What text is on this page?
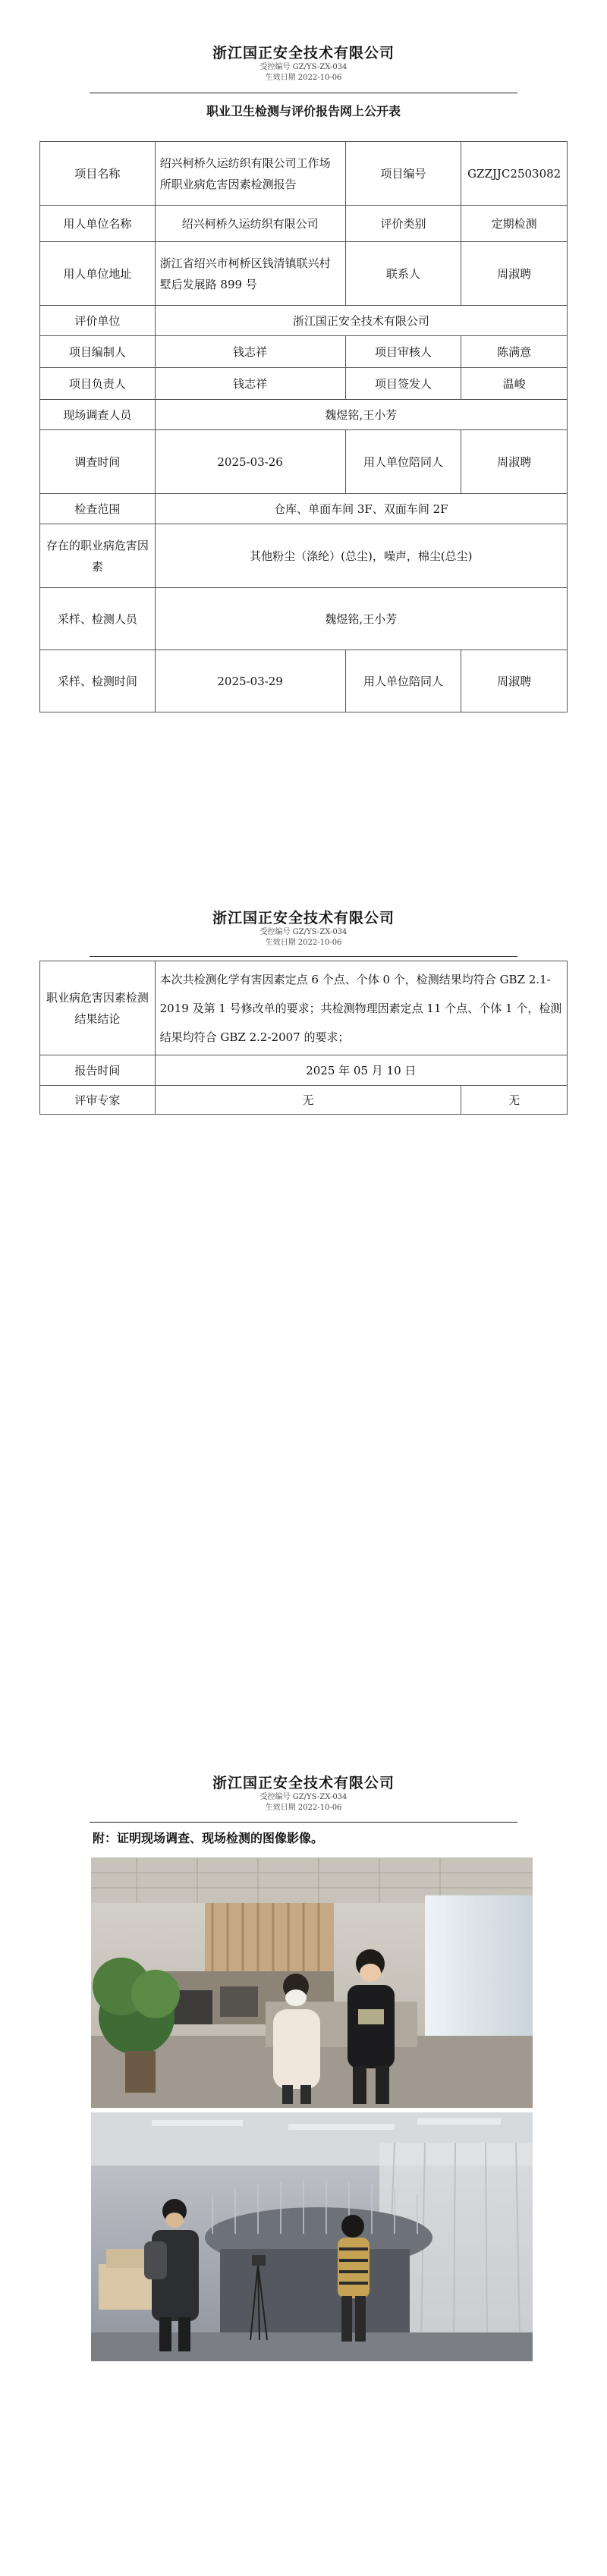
浙江国正安全技术有限公司
受控编号 GZ/YS-ZX-034
生效日期 2022-10-06
职业卫生检测与评价报告网上公开表
项目名称	绍兴柯桥久运纺织有限公司工作场所职业病危害因素检测报告	项目编号	GZZJJC2503082
用人单位名称	绍兴柯桥久运纺织有限公司	评价类别	定期检测
用人单位地址	浙江省绍兴市柯桥区钱清镇联兴村墅后发展路 899 号	联系人	周淑聘
评价单位	浙江国正安全技术有限公司		
项目编制人	钱志祥	项目审核人	陈满意
项目负责人	钱志祥	项目签发人	温峻
现场调查人员	魏煜铭,王小芳		
调查时间	2025-03-26	用人单位陪同人	周淑聘
检查范围	仓库、单面车间 3F、双面车间 2F		
存在的职业病危害因素	其他粉尘（涤纶）(总尘)，噪声，棉尘(总尘)		
采样、检测人员	魏煜铭,王小芳		
采样、检测时间	2025-03-29	用人单位陪同人	周淑聘
浙江国正安全技术有限公司
受控编号 GZ/YS-ZX-034
生效日期 2022-10-06
职业病危害因素检测结果结论	本次共检测化学有害因素定点 6 个点、个体 0 个，检测结果均符合 GBZ 2.1-2019 及第 1 号修改单的要求；共检测物理因素定点 11 个点、个体 1 个，检测结果均符合 GBZ 2.2-2007 的要求；	
报告时间	2025 年 05 月 10 日	
评审专家	无	无
浙江国正安全技术有限公司
受控编号 GZ/YS-ZX-034
生效日期 2022-10-06
附：证明现场调查、现场检测的图像影像。
